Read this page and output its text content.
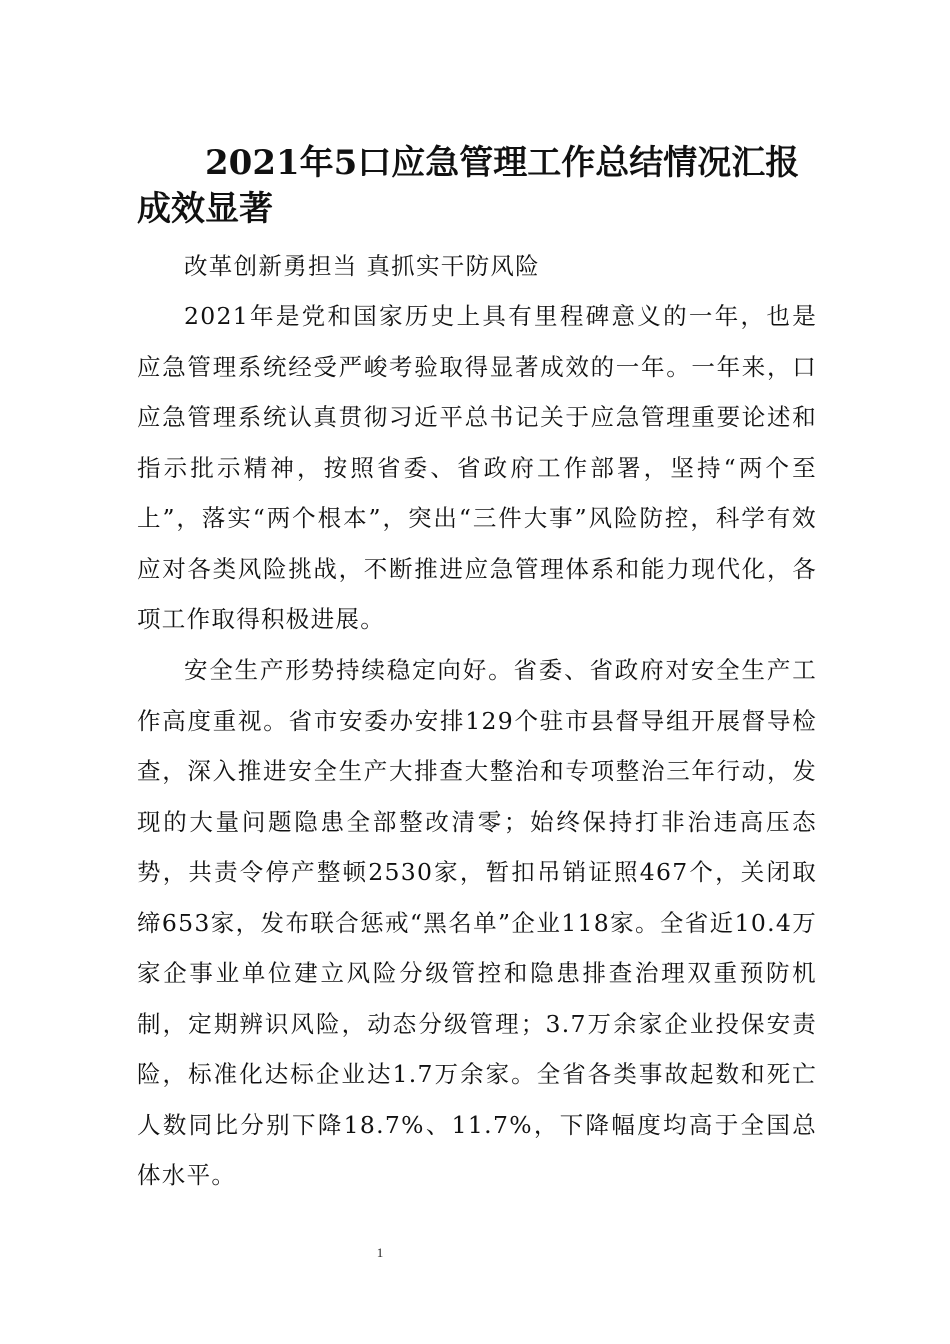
2021年5口应急管理工作总结情况汇报成效显著

改革创新勇担当 真抓实干防风险

2021年是党和国家历史上具有里程碑意义的一年，也是应急管理系统经受严峻考验取得显著成效的一年。一年来，口应急管理系统认真贯彻习近平总书记关于应急管理重要论述和指示批示精神，按照省委、省政府工作部署，坚持“两个至上”，落实“两个根本”，突出“三件大事”风险防控，科学有效应对各类风险挑战，不断推进应急管理体系和能力现代化，各项工作取得积极进展。

安全生产形势持续稳定向好。省委、省政府对安全生产工作高度重视。省市安委办安排129个驻市县督导组开展督导检查，深入推进安全生产大排查大整治和专项整治三年行动，发现的大量问题隐患全部整改清零；始终保持打非治违高压态势，共责令停产整顿2530家，暂扣吊销证照467个，关闭取缔653家，发布联合惩戒“黑名单”企业118家。全省近10.4万家企事业单位建立风险分级管控和隐患排查治理双重预防机制，定期辨识风险，动态分级管理；3.7万余家企业投保安责险，标准化达标企业达1.7万余家。全省各类事故起数和死亡人数同比分别下降18.7%、11.7%，下降幅度均高于全国总体水平。

1
